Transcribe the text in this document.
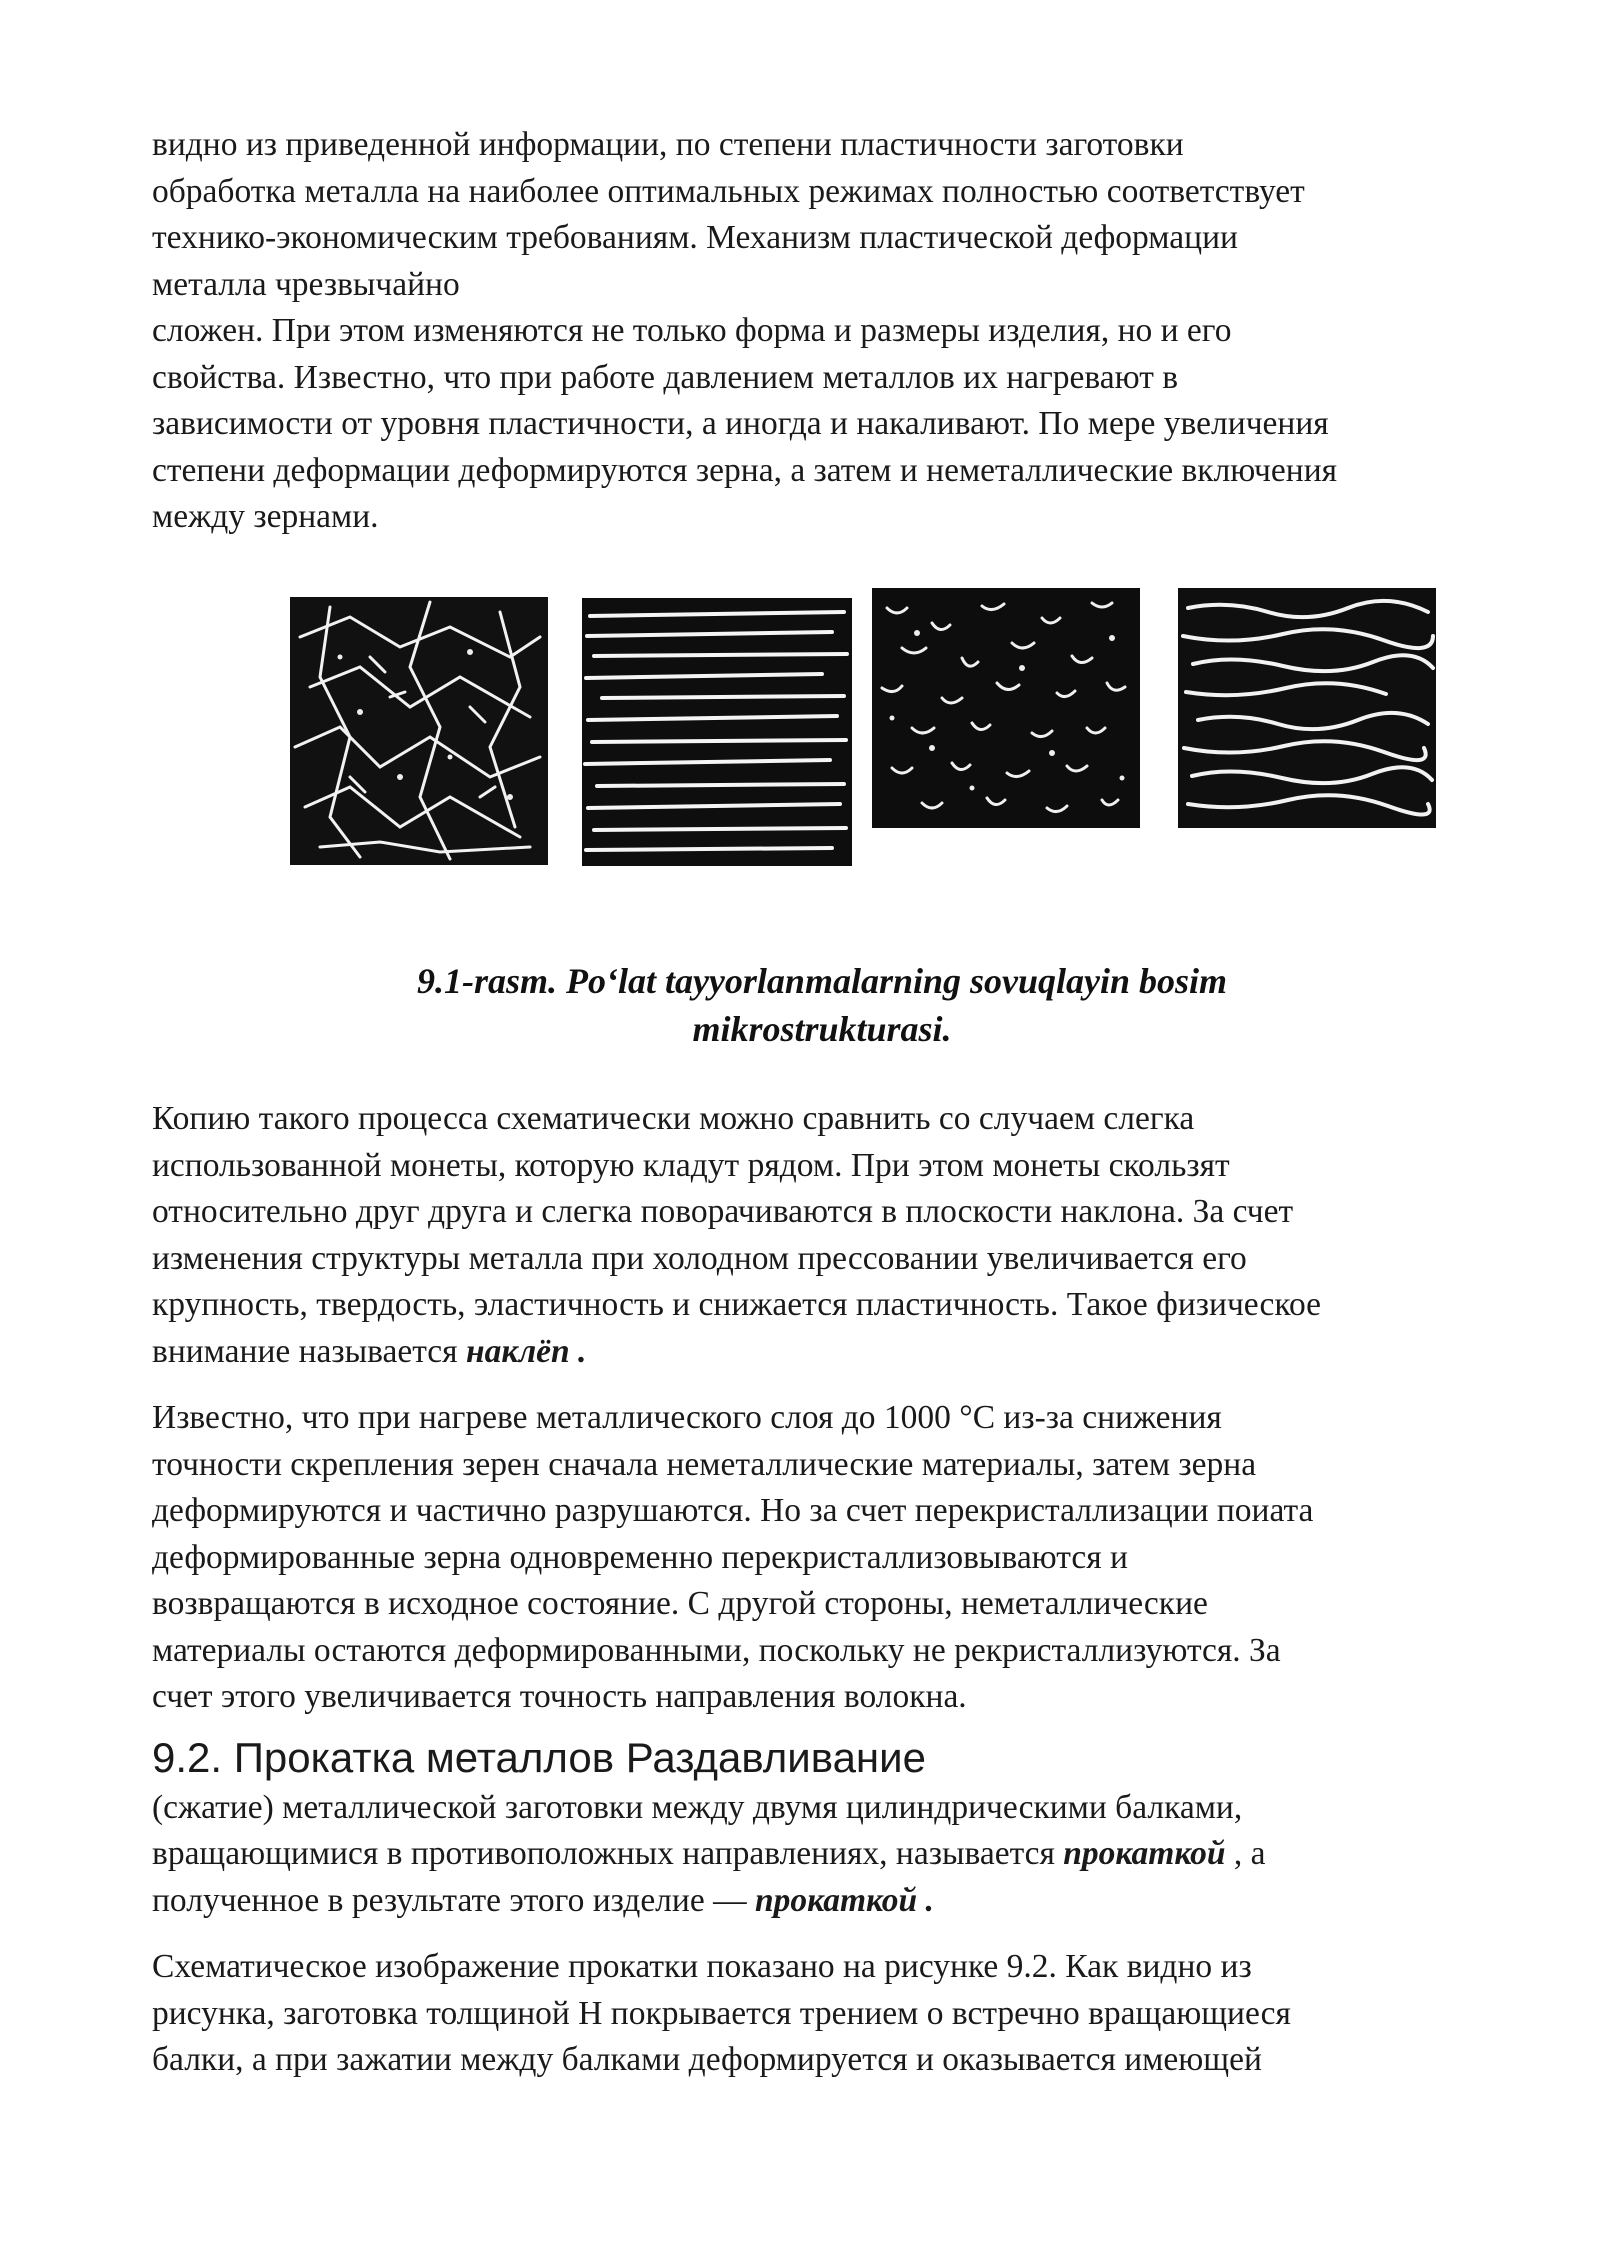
видно из приведенной информации, по степени пластичности заготовки
обработка металла на наиболее оптимальных режимах полностью соответствует
технико-экономическим требованиям. Механизм пластической деформации
металла чрезвычайно
сложен. При этом изменяются не только форма и размеры изделия, но и его
свойства. Известно, что при работе давлением металлов их нагревают в
зависимости от уровня пластичности, а иногда и накаливают. По мере увеличения
степени деформации деформируются зерна, а затем и неметаллические включения
между зернами.

9.1-rasm. Po‘lat tayyorlanmalarning sovuqlayin bosim
mikrostrukturasi.

Копию такого процесса схематически можно сравнить со случаем слегка
использованной монеты, которую кладут рядом. При этом монеты скользят
относительно друг друга и слегка поворачиваются в плоскости наклона. За счет
изменения структуры металла при холодном прессовании увеличивается его
крупность, твердость, эластичность и снижается пластичность. Такое физическое
внимание называется наклёп .

Известно, что при нагреве металлического слоя до 1000 °C из-за снижения
точности скрепления зерен сначала неметаллические материалы, затем зерна
деформируются и частично разрушаются. Но за счет перекристаллизации поиата
деформированные зерна одновременно перекристаллизовываются и
возвращаются в исходное состояние. С другой стороны, неметаллические
материалы остаются деформированными, поскольку не рекристаллизуются. За
счет этого увеличивается точность направления волокна.

9.2. Прокатка металлов Раздавливание

(сжатие) металлической заготовки между двумя цилиндрическими балками,
вращающимися в противоположных направлениях, называется прокаткой , а
полученное в результате этого изделие — прокаткой .

Схематическое изображение прокатки показано на рисунке 9.2. Как видно из
рисунка, заготовка толщиной H покрывается трением о встречно вращающиеся
балки, а при зажатии между балками деформируется и оказывается имеющей
